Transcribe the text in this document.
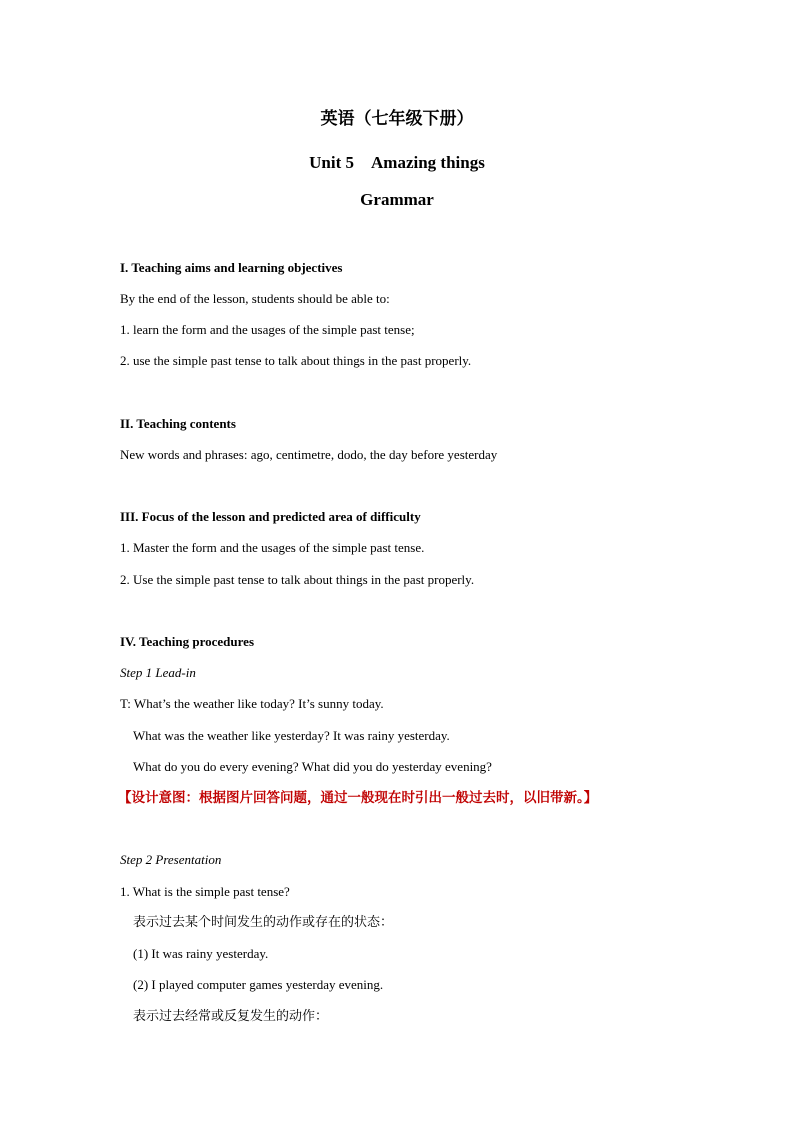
英语（七年级下册）
Unit 5　Amazing things
Grammar
I. Teaching aims and learning objectives
By the end of the lesson, students should be able to:
1. learn the form and the usages of the simple past tense;
2. use the simple past tense to talk about things in the past properly.
II. Teaching contents
New words and phrases: ago, centimetre, dodo, the day before yesterday
III. Focus of the lesson and predicted area of difficulty
1. Master the form and the usages of the simple past tense.
2. Use the simple past tense to talk about things in the past properly.
IV. Teaching procedures
Step 1 Lead-in
T: What’s the weather like today? It’s sunny today.
What was the weather like yesterday? It was rainy yesterday.
What do you do every evening? What did you do yesterday evening?
【设计意图：根据图片回答问题，通过一般现在时引出一般过去时，以旧带新。】
Step 2 Presentation
1. What is the simple past tense?
表示过去某个时间发生的动作或存在的状态：
(1) It was rainy yesterday.
(2) I played computer games yesterday evening.
表示过去经常或反复发生的动作：
